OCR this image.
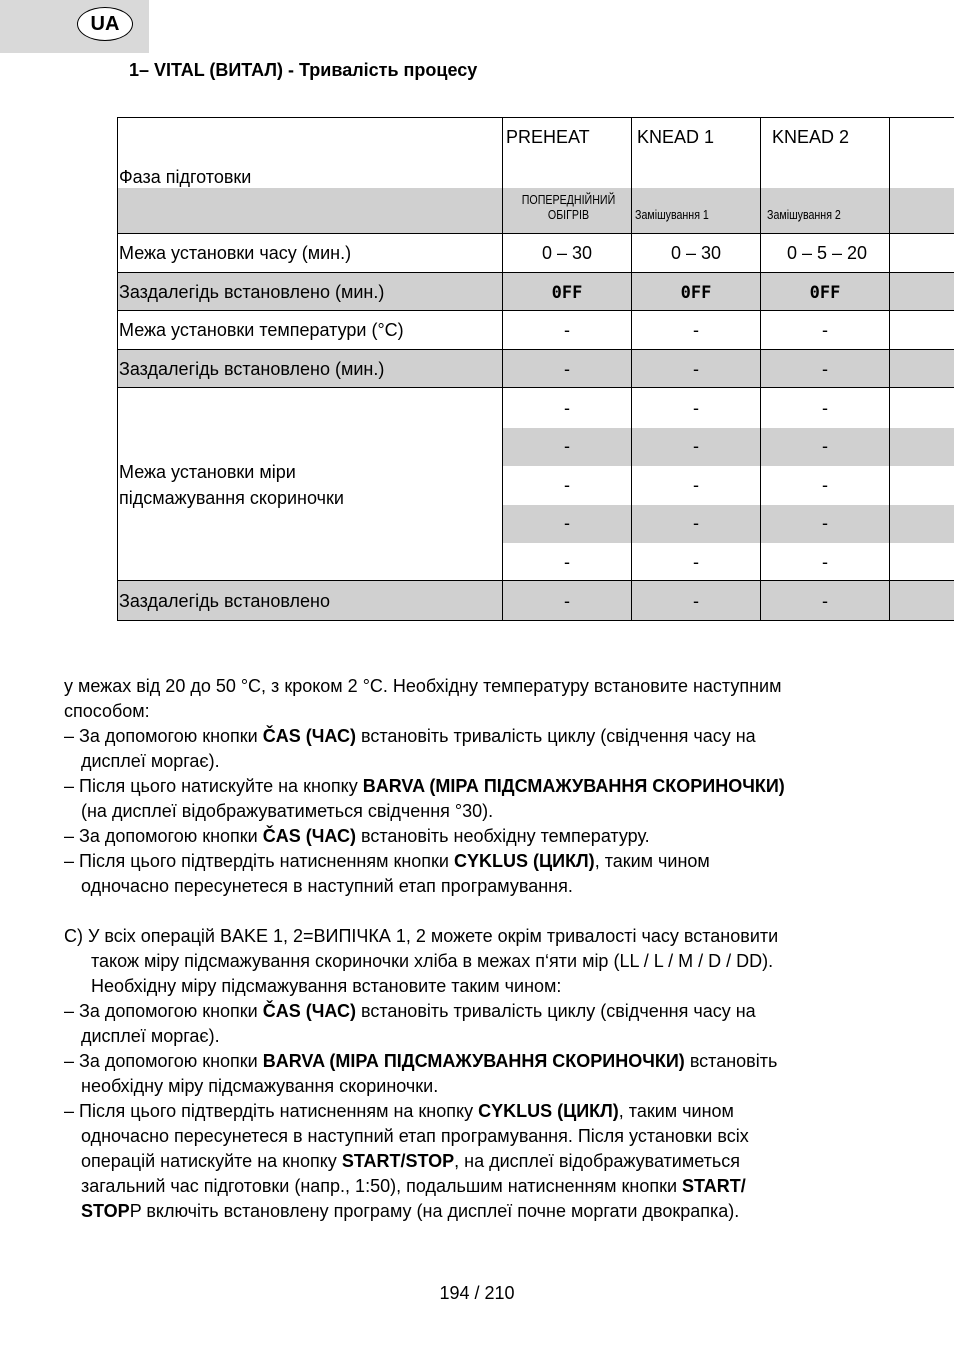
UA
1– VITAL (ВИТАЛ) - Тривалість процесу
Фаза підготовки
PREHEAT	KNEAD 1	KNEAD 2
ПОПЕРЕДНІЙНИЙ ОБІГРІВ	Замішування 1	Замішування 2
Межа установки часу (мин.)	0 – 30	0 – 30	0 – 5 – 20
Заздалегідь встановлено (мин.)	0FF	0FF	0FF
Межа установки температури (°C)	-	-	-
Заздалегідь встановлено (мин.)	-	-	-
Межа установки міри
підсмажування скориночки
-	-	-
-	-	-
-	-	-
-	-	-
-	-	-
Заздалегідь встановлено	-	-	-

у межах від 20 до 50 °C, з кроком 2 °C. Необхідну температуру встановите наступним

способом:

– За допомогою кнопки ČAS (ЧАС) встановіть тривалість циклу (свідчення часу на

дисплеї моргає).

– Після цього натискуйте на кнопку BARVA (МІРА ПІДСМАЖУВАННЯ СКОРИНОЧКИ)

(на дисплеї відображуватиметься свідчення °30).

– За допомогою кнопки ČAS (ЧАС) встановіть необхідну температуру.

– Після цього підтвердіть натисненням кнопки CYKLUS (ЦИКЛ), таким чином

одночасно пересунетеся в наступний етап програмування.

C) У всіх операцій BAKE 1, 2=ВИПІЧКА 1, 2 можете окрім тривалості часу встановити

також міру підсмажування скориночки хліба в межах п‘яти мір (LL / L / M / D / DD).

Необхідну міру підсмажування встановите таким чином:

– За допомогою кнопки ČAS (ЧАС) встановіть тривалість циклу (свідчення часу на

дисплеї моргає).

– За допомогою кнопки BARVA (МІРА ПІДСМАЖУВАННЯ СКОРИНОЧКИ) встановіть

необхідну міру підсмажування скориночки.

– Після цього підтвердіть натисненням на кнопку CYKLUS (ЦИКЛ), таким чином

одночасно пересунетеся в наступний етап програмування. Після установки всіх

операцій натискуйте на кнопку START/STOP, на дисплеї відображуватиметься

загальний час підготовки (напр., 1:50), подальшим натисненням кнопки START/

STOPP включіть встановлену програму (на дисплеї почне моргати двокрапка).

194 / 210
